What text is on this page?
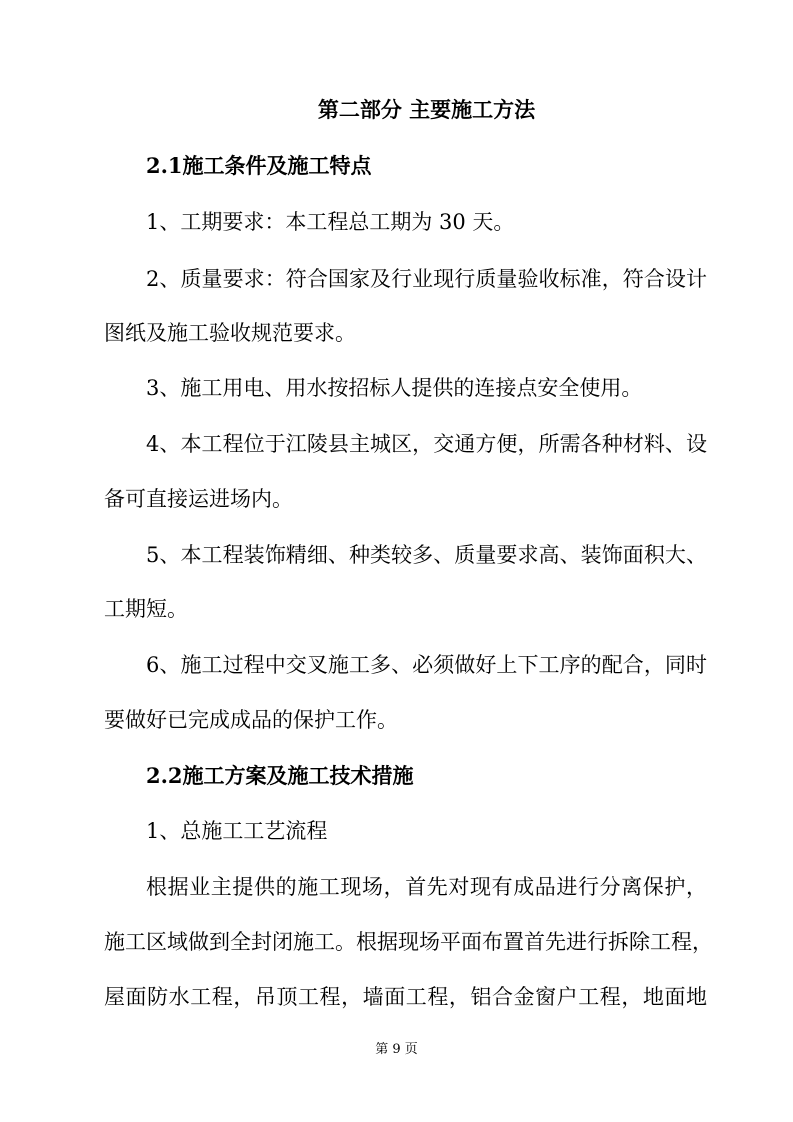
第二部分 主要施工方法
2.1施工条件及施工特点
1、工期要求：本工程总工期为 30 天。
2、质量要求：符合国家及行业现行质量验收标准，符合设计
图纸及施工验收规范要求。
3、施工用电、用水按招标人提供的连接点安全使用。
4、本工程位于江陵县主城区，交通方便，所需各种材料、设
备可直接运进场内。
5、本工程装饰精细、种类较多、质量要求高、装饰面积大、
工期短。
6、施工过程中交叉施工多、必须做好上下工序的配合，同时
要做好已完成成品的保护工作。
2.2施工方案及施工技术措施
1、总施工工艺流程
根据业主提供的施工现场，首先对现有成品进行分离保护，
施工区域做到全封闭施工。根据现场平面布置首先进行拆除工程，
屋面防水工程，吊顶工程，墙面工程，铝合金窗户工程，地面地
第 9 页
